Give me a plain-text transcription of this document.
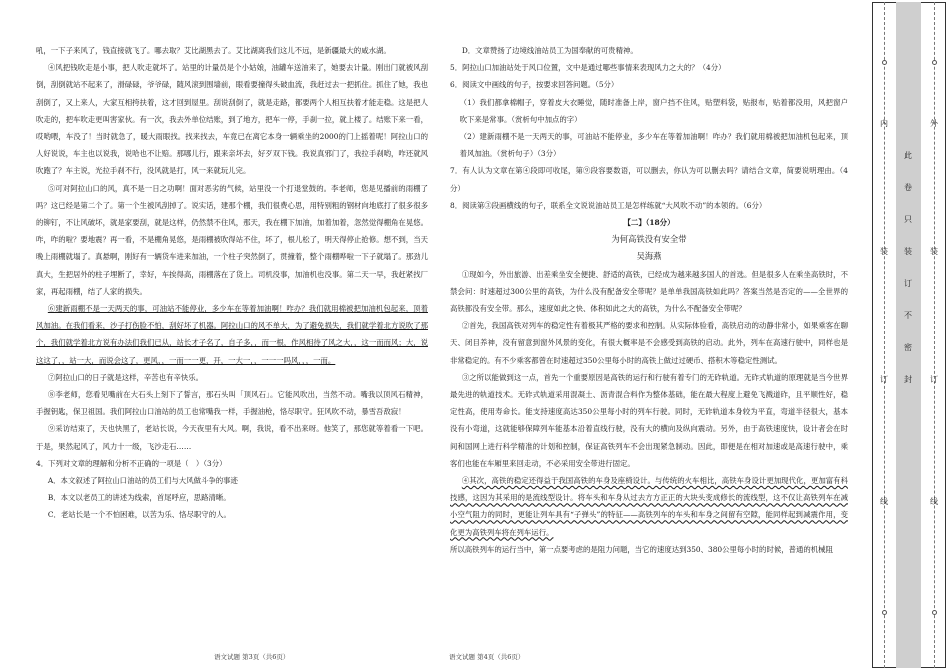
吼，一下子来风了，钱直接就飞了。哪去取？艾比湖黑去了。艾比湖离我们这儿不远，是新疆最大的咸水湖。

④风把钱吹走是小事，把人吹走就坏了。站里的计量员是个小姑娘，油罐车送油来了，她要去计量。刚出门就被风刮倒，刮倒就站不起来了，滑碌碌，爷爷碌，随风滚到围墙前，眼看要撞得头破血流，我赶过去一把抓住。抓住了她，我也刮倒了，又上来人，大家互相挎扶着，这才回到屋里。刮说刮倒了，就是走路，都要两个人相互扶着才能走稳。这是把人吹走的，把车吹走更叫害家伙。有一次，我去外单位结账，到了地方，把车一停，手刹一拉，就上楼了。结账下来一看，哎哟喂，车没了！当时就急了，暖大雨眼找。找来找去，车竟已在离它本身一辆乘坐的2000的门上摇着呢！阿拉山口的人好说说，车主也以说我，说哈也不让赔。那哪儿行，跟来亲坏去，好歹双下钱。我说真邪门了，我拉手刹哟，咋还就风吹跑了？车主说，光拉手刹不行，没风就是打，风一来就玩儿完。

⑤可对阿拉山口的风，真不是一日之功啊！面对恶劣的气候，站里没一个打退堂鼓的。李老师，您是见播前的雨棚了吗？这已经是第二个了。第一个生被风刮掉了。说实话，建那个棚，我们很费心思，用特别粗的钢材向地底打了很多很多的铆钉，不让风破坏，就是家要刮，就是这样，仍然禁不住风，那天，我在棚下加油，加着加着，忽然觉得棚角在晃悠。咋，咋的啦？要地震？再一看，不是棚角晃悠，是雨棚被吹得站不住，坏了，根儿松了，明天得停止抢修。想不到，当天晚上雨棚就塌了。真悬啊，刚好有一辆货车进来加油，一个柱子突然倒了，贯撞着，整个雨棚哗啦一下子就塌了。那劲儿真大，生把居外的柱子埋断了，幸好，车挨得高，雨棚落在了货上。司机没事，加油机也没事。第二天一早，我赶紧找厂家，再起雨棚，结了人家的损失。

⑥建新雨棚不是一天两天的事，可油站不能停业，多少车在等着加油啊！咋办？我们就用棉被把加油机包起来，顶着风加油。在我们看来，沙子打伤脸不怕，刮好坏了机器。阿拉山口的风不单大，为了避免损失，我们就学着北方说吹了那个，我们就学着北方说有办法们我们已从，站长才子名了，自子多，，而一根，作风相待了风之大，，这一而而风；大，说这这了，，站一大，而说会这了，更风，，一而一一更，开，一大一，，一一一吗风，，，一而。

⑦阿拉山口的日子就是这样，辛苦也有辛快乐。

⑧李老师，您看见嘴前在大石头上刻下了誓言，那石头叫「顶风石」。它能风吹出，当然不动。嘴我以顶风石精神，手握钥匙，保卫祖国。我们阿拉山口油站的员工也常嘴我一样，手握油枪，恪尽职守。狂风吹不动，暴雪吾敌寂！

⑨采访结束了，天也快黑了，老站长说，今天夜里有大风。啊，我说，看不出来呀。他笑了，那您就等着看一下吧。于是，果然起风了，风力十一级，飞沙走石……

4．下列对文章的理解和分析不正确的一项是（　）（3分）

A．本文叙述了阿拉山口油站的员工们与大风做斗争的事迹

B．本文以老员工的讲述为线索，首尾呼应，思路清晰。

C．老站长是一个不怕困难，以苦为乐、恪尽职守的人。

D．文章赞扬了边境线油站员工为国奉献的可贵精神。

5．阿拉山口加油站处于风口位置，文中是通过哪些事情来表现风力之大的？（4分）

6．阅读文中画线的句子，按要求回答问题。（5分）

（1）我们都拿棉帽子，穿着皮大衣睡觉，随时准备上岸，窗户挡不住风，贴塑料袋，贴报布，贴着都没用，风把窗户吹下来是常事。（赏析句中加点的字）

（2）建新雨棚不是一天两天的事，可油站不能停业，多少车在等着加油啊！咋办？我们就用棉被把加油机包起来，顶着风加油。（赏析句子）（3分）

7．有人认为文章在第④段即可收尾，第⑨段容要数语，可以删去，你认为可以删去吗？请结合文章，简要说明理由。（4分）

8．阅读第③段画横线的句子，联系全文说说油站员工是怎样练就“大风吹不动”的本领的。（6分）

【二】（18分）

为何高铁没有安全带

吴海燕

①现如今，外出旅游、出差乘坐安全便捷、舒适的高铁，已经成为越来越多国人的首选。但是很多人在乘坐高铁时，不禁会问：时速超过300公里的高铁，为什么没有配备安全带呢？是单单我国高铁如此吗？答案当然是否定的——全世界的高铁都没有安全带。那么，速度如此之快、体积如此之大的高铁，为什么不配备安全带呢？

②首先，我国高铁对列车的稳定性有着极其严格的要求和控制。从实际体验看，高铁启动的动静非常小，如果乘客在聊天、闭目养神，没有留意到窗外风景的变化，有很大概率是不会感受到高铁的启动。此外，列车在高速行驶中，同样也是非常稳定的。有不少乘客都曾在时速超过350公里每小时的高铁上做过过硬币、搭积木等稳定性测试。

③之所以能做到这一点，首先一个重要原因是高铁的运行和行驶有着专门的无砟轨道。无砟式轨道的原理就是当今世界最先进的轨道技术。无砟式轨道采用混凝土、沥青混合料作为整体基础，能在最大程度上避免飞溅道砟，且平顺性好，稳定性高，使用寿命长。能支持速度高达350公里每小时的列车行驶。同时，无砟轨道本身较为平直，弯道半径很大，基本没有小弯道，这就能够保障列车能基本沿着直线行驶，没有大的横向及纵向震动。另外，由于高铁速度快，设计者会在时间和国网上进行科学精准的计划和控制，保证高铁列车不会出现紧急制动。因此，即便是在相对加速或是高速行驶中，乘客们也能在车厢里来回走动，不必采用安全带进行固定。

④其次，高铁的稳定还得益于我国高铁的车身及座椅设计。与传统的火车相比，高铁车身设计更加现代化，更加富有科技感，这因为其采用的是流线型设计。将车头和车身从过去方方正正的大块头变成修长的流线型，这不仅让高铁列车在减小空气阻力的同时，更能让列车具有“子弹头”的特征——高铁列车的车头和车身之间留有空隙，能同样起到减震作用，变化更为高铁列车将在列车运行。

所以高铁列车的运行当中，第一点要考虑的是阻力问题，当它的速度达到350、380公里每小时的时候，普通的机械阻

语文试题 第3页（共6页）	语文试题 第4页（共6页）
此
卷
只
装
订
不
密
封
内
装
订
线
外
装
订
线
